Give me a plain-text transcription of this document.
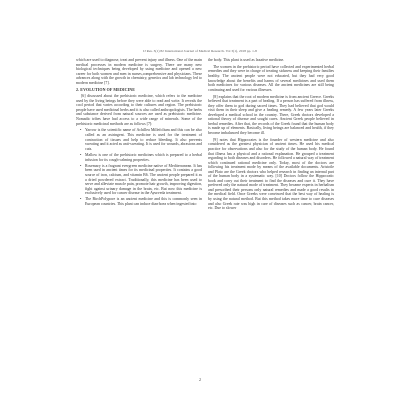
IJ Res. 3(1) 82 International Journal of Medical Research. Vol 3(1), 2018 pp. 1-8

which are used to diagnose, treat and prevent injury and illness. One of the main medical processes in modern medicine is surgery. There are many new biological techniques being developed by using medicine and opened a new career for both women and men in nurses,comprehensive and physicians. These advances along with the growth in chemistry, genetics and lab technology led to modern medicine [7].

2. EVOLUTION OF MEDICINE

[6] discussed about the prehistoric medicine, which refers to the medicine used by the living beings before they were able to read and write. It reveals the cool period that varies according to their cultures and region. The prehistoric people have used medicinal herbs and it is also called anthropologists. The herbs and substance derived from natural sources are used as prehistoric medicine. Nomadic tribes have had access to a wide range of minerals. Some of the prehistoric medicinal methods are as follows [7]:

• Yarrow is the scientific name of Achillea Millefolium and this can be also called as an astringent. This medicine is used for the treatment of contraction of tissues and help to reduce bleeding. It also prevents sweating and it acted as anti-sweating. It is used for wounds, abrasions and cuts.
• Mallow is one of the prehistoric medicines which is prepared to a herbal infusion for its cough-calming properties.
• Rosemary is a fragrant evergreen medicine native of Mediterranean. It has been used in ancient times for its medicinal properties. It contains a good source of iron, calcium, and vitamin B6. The ancient people prepared it as a dried powdered extract. Traditionally, this medicine has been used to serve and alleviate muscle pain, promote hair growth, improving digestion, fight against urinary damage in the brain, etc. But now this medicine is exclusively used for cancer disease in the Ayurveda treatment.
• The BirchPolypore is an ancient medicine and this is commonly seen in European countries. This plant can induce diarrhoea when ingested into

the body. This plant is used as laxative medicine.

The women in the prehistoric period have collected and experimented herbal remedies and they were in charge of treating sickness and keeping their families healthy. The ancient people were not educated, but they had very good knowledge about the benefits and harms of several medicines and used them both medicines for various diseases. All the ancient medicines are still being continuing and used for various illnesses.

[8] explains that the root of modern medicine is from ancient Greece. Greeks believed that treatment is a part of healing. If a person has suffered from illness, they offer them to god during sacred times. They had believed that god would visit them in their sleep and give a healing remedy. A few years later Greeks developed a medical school in the country. There, Greek doctors developed a rational theory of disease and sought cures. Ancient Greek people believed in herbal remedies. After that, the records of the Greek found that the human body is made up of elements. Basically, living beings are balanced and health, if they become imbalanced they become ill.

[9] notes that Hippocrates is the founder of western medicine and also considered as the greatest physician of ancient times. He used his medical practice for observations and also for the study of the human body. He found that illness has a physical and a rational explanation. He grouped a treatment regarding to both diseases and disorders. He followed a natural way of treatment which continued rational medicine only. Today, most of the doctors are following his treatment mode by means of the available documents. Aristotle and Plato are the Greek doctors who helped research in finding an internal part of the human body in a systematic way. [10] Doctors follow the Hippocratic book and carry out their treatment to find the diseases and cure it. They have preferred only the natural mode of treatment. They became experts in herbalism and prescribed their persons only natural remedies and made a good results in the medical field. Once Greeks were convinced that the best way of healing is by using the natural method. But this method takes more time to cure diseases and also Greek rate was high in care of diseases such as cancer, brain cancer, etc. Due to slower

2
